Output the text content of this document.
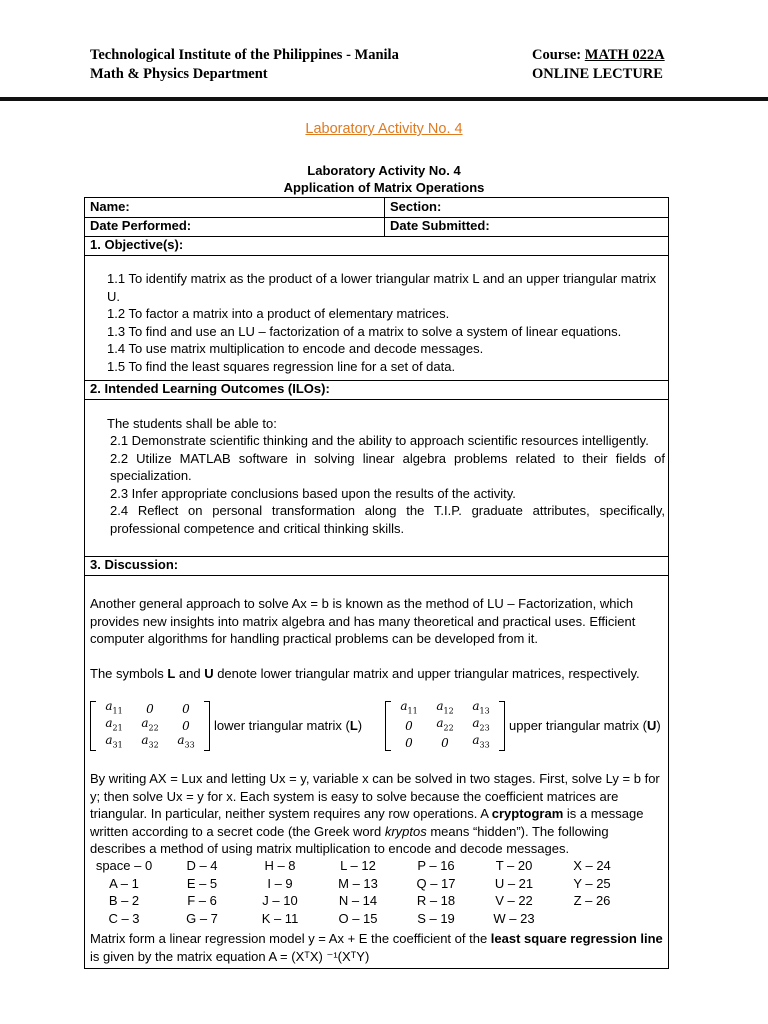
Technological Institute of the Philippines - Manila
Math & Physics Department
Course: MATH 022A
ONLINE LECTURE
Laboratory Activity No. 4
Laboratory Activity No. 4
Application of Matrix Operations
Name:	Section:
Date Performed:	Date Submitted:
1. Objective(s):
1.1 To identify matrix as the product of a lower triangular matrix L and an upper triangular matrix U.
1.2 To factor a matrix into a product of elementary matrices.
1.3 To find and use an LU – factorization of a matrix to solve a system of linear equations.
1.4 To use matrix multiplication to encode and decode messages.
1.5 To find the least squares regression line for a set of data.
2. Intended Learning Outcomes (ILOs):
The students shall be able to:
2.1 Demonstrate scientific thinking and the ability to approach scientific resources intelligently.
2.2 Utilize MATLAB software in solving linear algebra problems related to their fields of specialization.
2.3 Infer appropriate conclusions based upon the results of the activity.
2.4 Reflect on personal transformation along the T.I.P. graduate attributes, specifically, professional competence and critical thinking skills.
3. Discussion:
Another general approach to solve Ax = b is known as the method of LU – Factorization, which provides new insights into matrix algebra and has many theoretical and practical uses. Efficient computer algorithms for handling practical problems can be developed from it.
The symbols L and U denote lower triangular matrix and upper triangular matrices, respectively.
$a_{11}$	0	0
$a_{21}$	$a_{22}$	0
$a_{31}$	$a_{32}$	$a_{33}$
lower triangular matrix (L)
$a_{11}$	$a_{12}$	$a_{13}$
0	$a_{22}$	$a_{23}$
0	0	$a_{33}$
upper triangular matrix (U)
By writing AX = Lux and letting Ux = y, variable x can be solved in two stages. First, solve Ly = b for y; then solve Ux = y for x. Each system is easy to solve because the coefficient matrices are triangular. In particular, neither system requires any row operations. A cryptogram is a message written according to a secret code (the Greek word kryptos means “hidden”). The following describes a method of using matrix multiplication to encode and decode messages.
space – 0	D – 4	H – 8	L – 12	P – 16	T – 20	X – 24
A – 1	E – 5	I – 9	M – 13	Q – 17	U – 21	Y – 25
B – 2	F – 6	J – 10	N – 14	R – 18	V – 22	Z – 26
C – 3	G – 7	K – 11	O – 15	S – 19	W – 23
Matrix form a linear regression model y = Ax + E the coefficient of the least square regression line is given by the matrix equation A = (XᵀX) ⁻¹(XᵀY)
